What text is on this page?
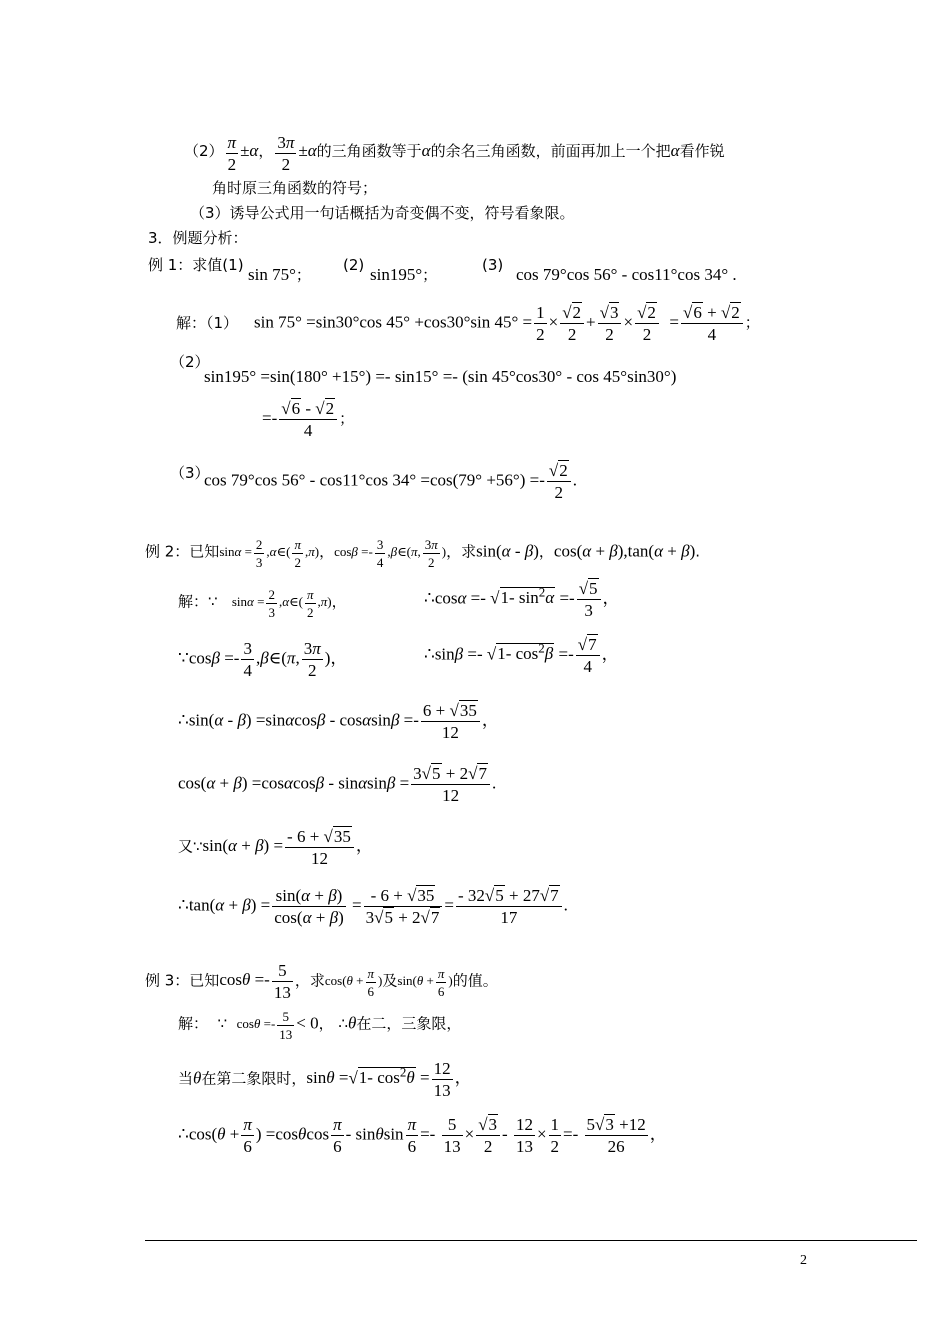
$(2) \frac{\pi}{2} \pm\alpha$， $\frac{3\pi}{2} \pm\alpha$的三角函数等于α的余名三角函数，前面再加上一个把α看作锐
角时原三角函数的符号；
（3）诱导公式用一句话概括为奇变偶不变，符号看象限。
3．例题分析：
例 1：求值(1) sin 75°；
(2) sin195°；
(3) cos 79°cos 56° - cos11°cos 34° .
解：（1） sin 75° =sin30°cos 45° +cos30°sin $45^\circ = \frac{1}{2} \times \frac{√2}{2} + \frac{√3}{2} \times \frac{√2}{2} = \frac{√6 + √2}{4}$ ；
（2）
sin195° =sin(180° +15°) =- sin15° =- (sin 45°cos30° - cos 45°sin30°)
=- $\frac{√6 - √2}{4}$ ；
（3）
cos 79°cos 56° - cos11°cos $34^\circ =\cos(79^\circ +56^\circ) =- \frac{√2}{2}$ .
例 2：已知$\sin\alpha = \frac{2}{3}$ ,α∈( $\frac{\pi}{2} ,\pi$)，$\cos\beta =- \frac{3}{4}$ ,β∈(π, $\frac{3\pi}{2}$ )，求sin(α - β)，cos(α + β),tan(α + β).
解：∵   $\sin\alpha = \frac{2}{3}$ ,α∈( $\frac{\pi}{2} ,\pi$)，	∴cosα =- √1- $\sin^2\alpha =- \frac{√5}{3}$ ，
∵cosβ =- $\frac{3}{4}$ ,β∈(π, $\frac{3\pi}{2}$ )，	∴sinβ =- √1- $\cos^2\beta =- \frac{√7}{4}$ ，
∴sin(α - $\beta) =\sin\alpha\cos\beta - \cos\alpha\sin\beta =- \frac{6 + √35}{12}$ ，
$\cos(\alpha + \beta) =\cos\alpha\cos\beta - \sin\alpha\sin\beta = \frac{3√5 + 2√7}{12}$ .
又∵sin(α + $\beta) = \frac{- 6 + √35}{12}$ ，
∴tan(α + $\beta) = \frac{\sin(\alpha + \beta)}{\cos(\alpha + \beta)} = \frac{- 6 + √35}{3√5 + 2√7} = \frac{- 32√5 + 27√7}{17}$ .
例 3：已知$\cos\theta =- \frac{5}{13}$ ，求$\cos(\theta + \frac{\pi}{6}$ )及$\sin(\theta + \frac{\pi}{6}$ )的值。
解：  ∵  $\cos\theta =- \frac{5}{13} < 0$， ∴θ在二，三象限，
当θ在第二象限时，sinθ =√1- $\cos^2\theta = \frac{12}{13}$ ，
∴cos(θ + $\frac{\pi}{6}$ ) $=\cos\theta\cos \frac{\pi}{6} - \sin\theta\sin \frac{\pi}{6} =- \frac{5}{13} \times \frac{√3}{2} - \frac{12}{13} \times \frac{1}{2} =- \frac{5√3 +12}{26}$ ，
2
